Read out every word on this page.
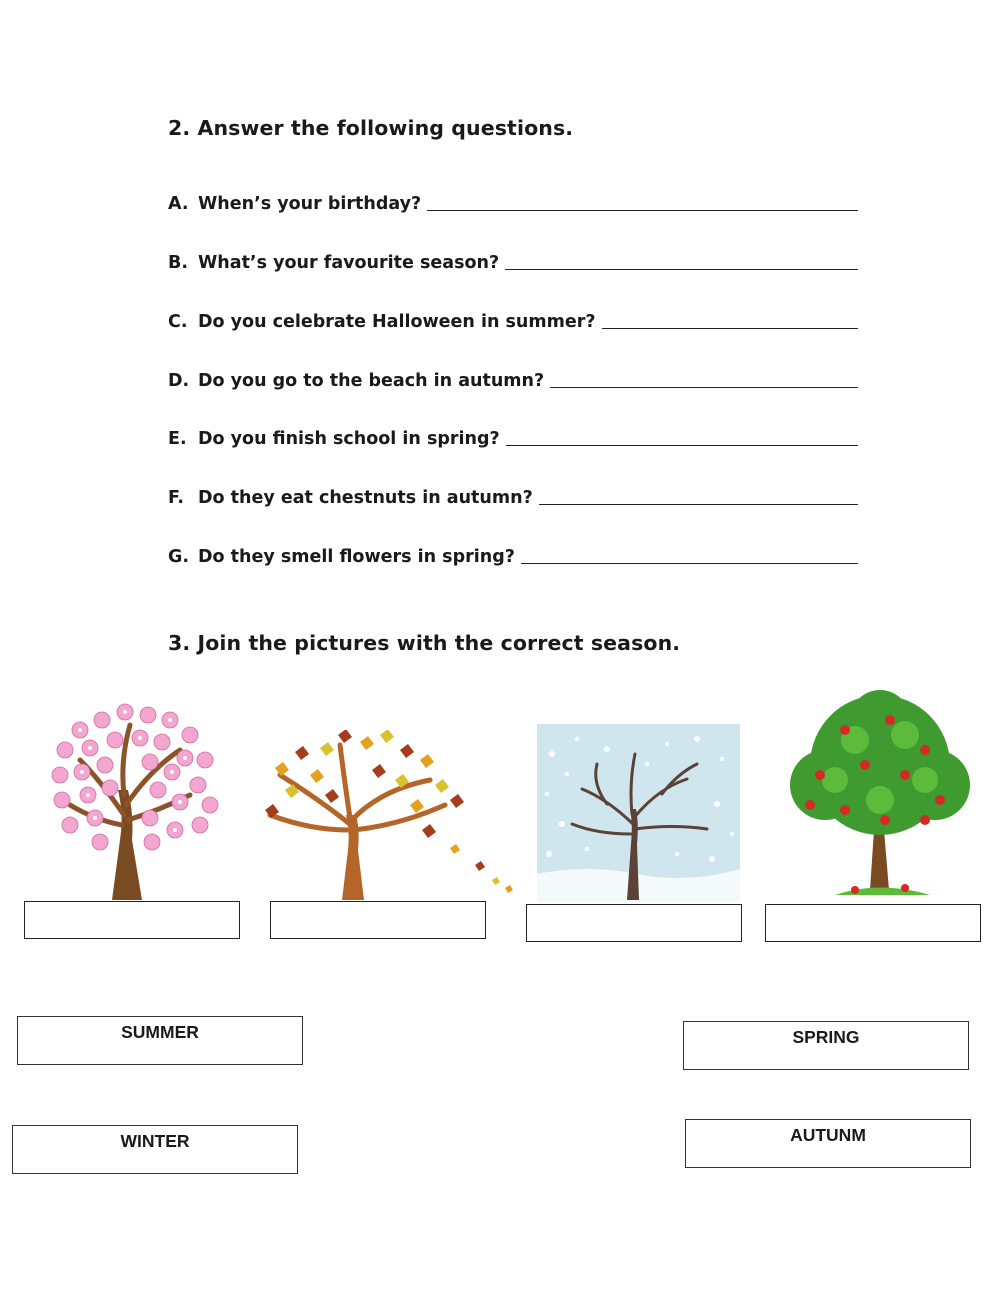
2. Answer the following questions.
A. When’s your birthday?
B. What’s your favourite season?
C. Do you celebrate Halloween in summer?
D. Do you go to the beach in autumn?
E. Do you finish school in spring?
F. Do they eat chestnuts in autumn?
G. Do they smell flowers in spring?
3. Join the pictures with the correct season.
SUMMER	SPRING
WINTER	AUTUNM
